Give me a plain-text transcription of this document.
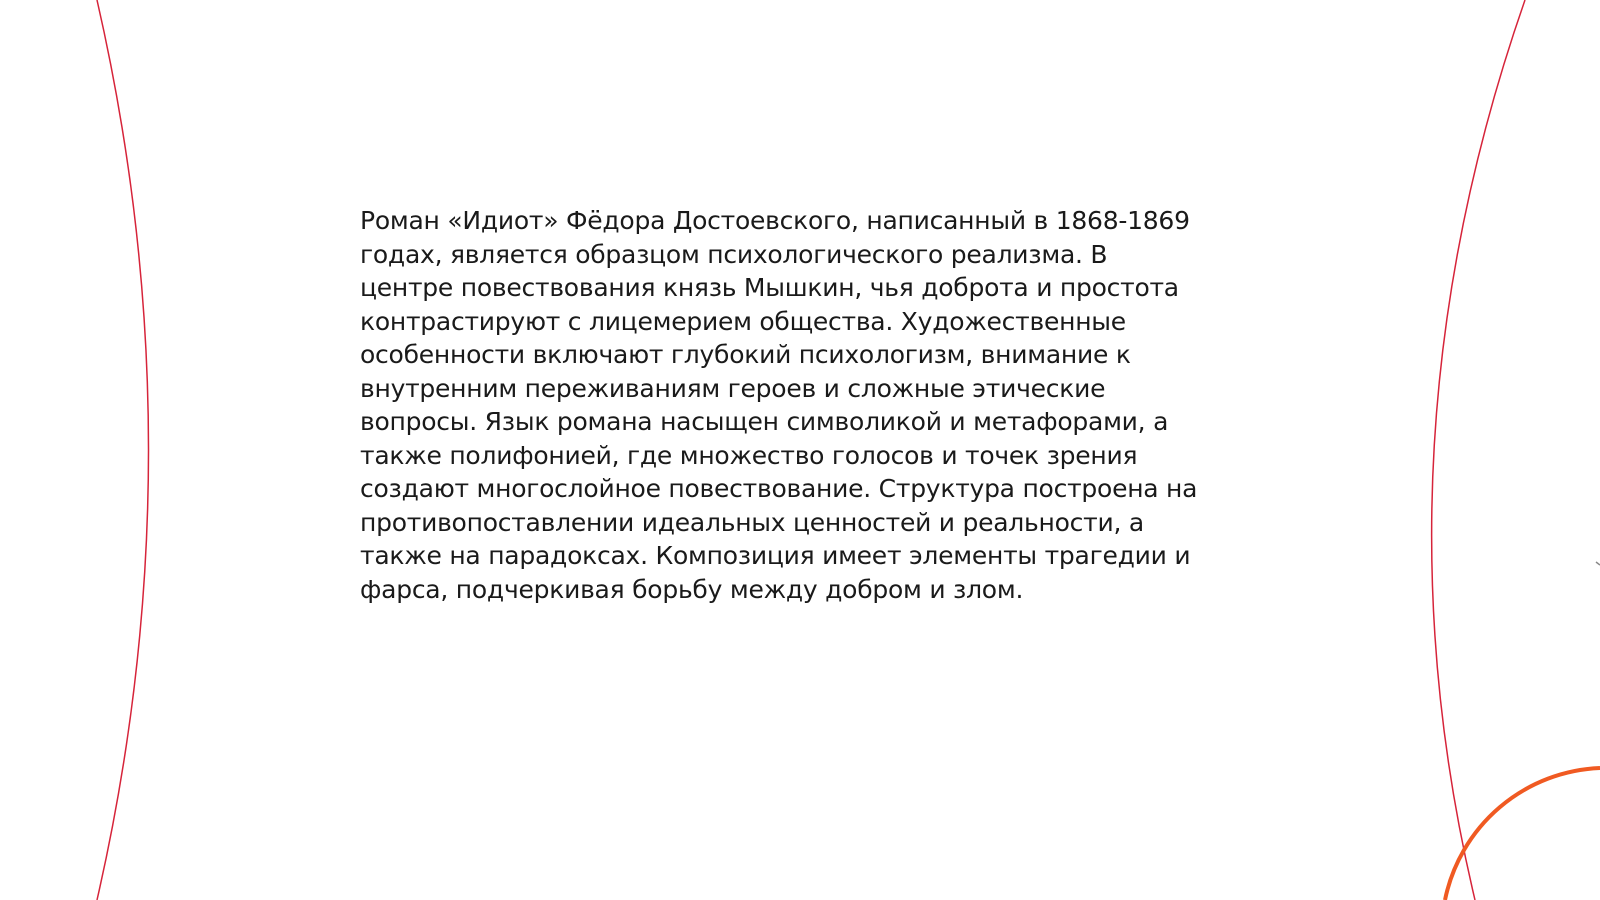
Роман «Идиот» Фёдора Достоевского, написанный в 1868-1869
годах, является образцом психологического реализма. В
центре повествования князь Мышкин, чья доброта и простота
контрастируют с лицемерием общества. Художественные
особенности включают глубокий психологизм, внимание к
внутренним переживаниям героев и сложные этические
вопросы. Язык романа насыщен символикой и метафорами, а
также полифонией, где множество голосов и точек зрения
создают многослойное повествование. Структура построена на
противопоставлении идеальных ценностей и реальности, а
также на парадоксах. Композиция имеет элементы трагедии и
фарса, подчеркивая борьбу между добром и злом.
